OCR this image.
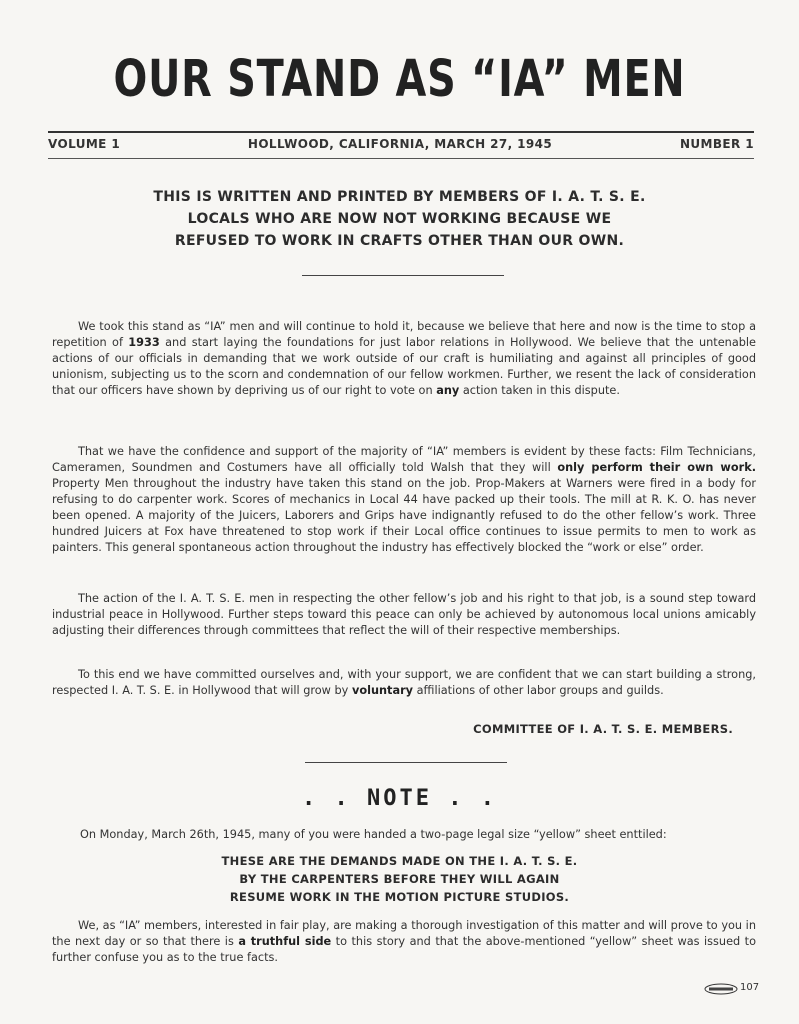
OUR STAND AS “IA” MEN
VOLUME 1	HOLLWOOD, CALIFORNIA, MARCH 27, 1945	NUMBER 1
THIS IS WRITTEN AND PRINTED BY MEMBERS OF I. A. T. S. E.
LOCALS WHO ARE NOW NOT WORKING BECAUSE WE
REFUSED TO WORK IN CRAFTS OTHER THAN OUR OWN.

We took this stand as “IA” men and will continue to hold it, because we believe that here and now is the time to stop a repetition of 1933 and start laying the foundations for just labor relations in Hollywood. We believe that the untenable actions of our officials in demanding that we work outside of our craft is humiliating and against all principles of good unionism, subjecting us to the scorn and condemnation of our fellow workmen. Further, we resent the lack of consideration that our officers have shown by depriving us of our right to vote on any action taken in this dispute.

That we have the confidence and support of the majority of “IA” members is evident by these facts: Film Technicians, Cameramen, Soundmen and Costumers have all officially told Walsh that they will only perform their own work. Property Men throughout the industry have taken this stand on the job. Prop-Makers at Warners were fired in a body for refusing to do carpenter work. Scores of mechanics in Local 44 have packed up their tools. The mill at R. K. O. has never been opened. A majority of the Juicers, Laborers and Grips have indignantly refused to do the other fellow’s work. Three hundred Juicers at Fox have threatened to stop work if their Local office continues to issue permits to men to work as painters. This general spontaneous action throughout the industry has effectively blocked the “work or else” order.

The action of the I. A. T. S. E. men in respecting the other fellow’s job and his right to that job, is a sound step toward industrial peace in Hollywood. Further steps toward this peace can only be achieved by autonomous local unions amicably adjusting their differences through committees that reflect the will of their respective memberships.

To this end we have committed ourselves and, with your support, we are confident that we can start building a strong, respected I. A. T. S. E. in Hollywood that will grow by voluntary affiliations of other labor groups and guilds.

COMMITTEE OF I. A. T. S. E. MEMBERS.
. . NOTE . .
On Monday, March 26th, 1945, many of you were handed a two-page legal size “yellow” sheet enttiled:
THESE ARE THE DEMANDS MADE ON THE I. A. T. S. E.
BY THE CARPENTERS BEFORE THEY WILL AGAIN
RESUME WORK IN THE MOTION PICTURE STUDIOS.

We, as “IA” members, interested in fair play, are making a thorough investigation of this matter and will prove to you in the next day or so that there is a truthful side to this story and that the above-mentioned “yellow” sheet was issued to further confuse you as to the true facts.

107
